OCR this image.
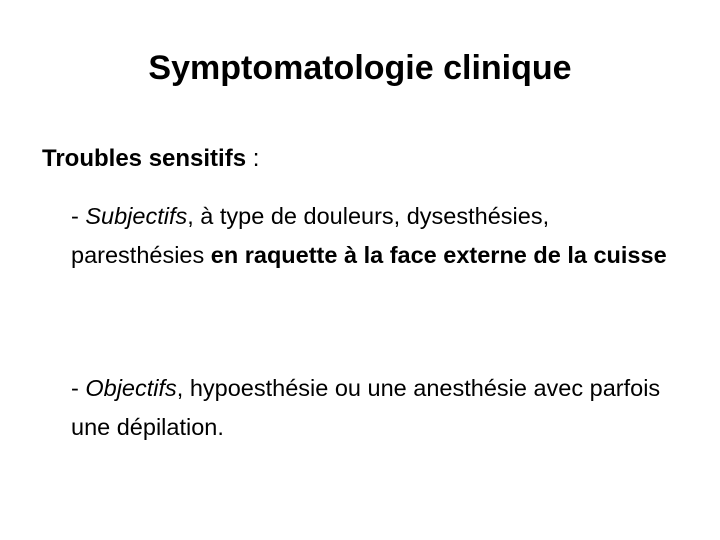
Symptomatologie clinique
Troubles sensitifs :
- Subjectifs, à type de douleurs, dysesthésies, paresthésies en raquette à la face externe de la cuisse
- Objectifs, hypoesthésie ou une anesthésie avec parfois une dépilation.
